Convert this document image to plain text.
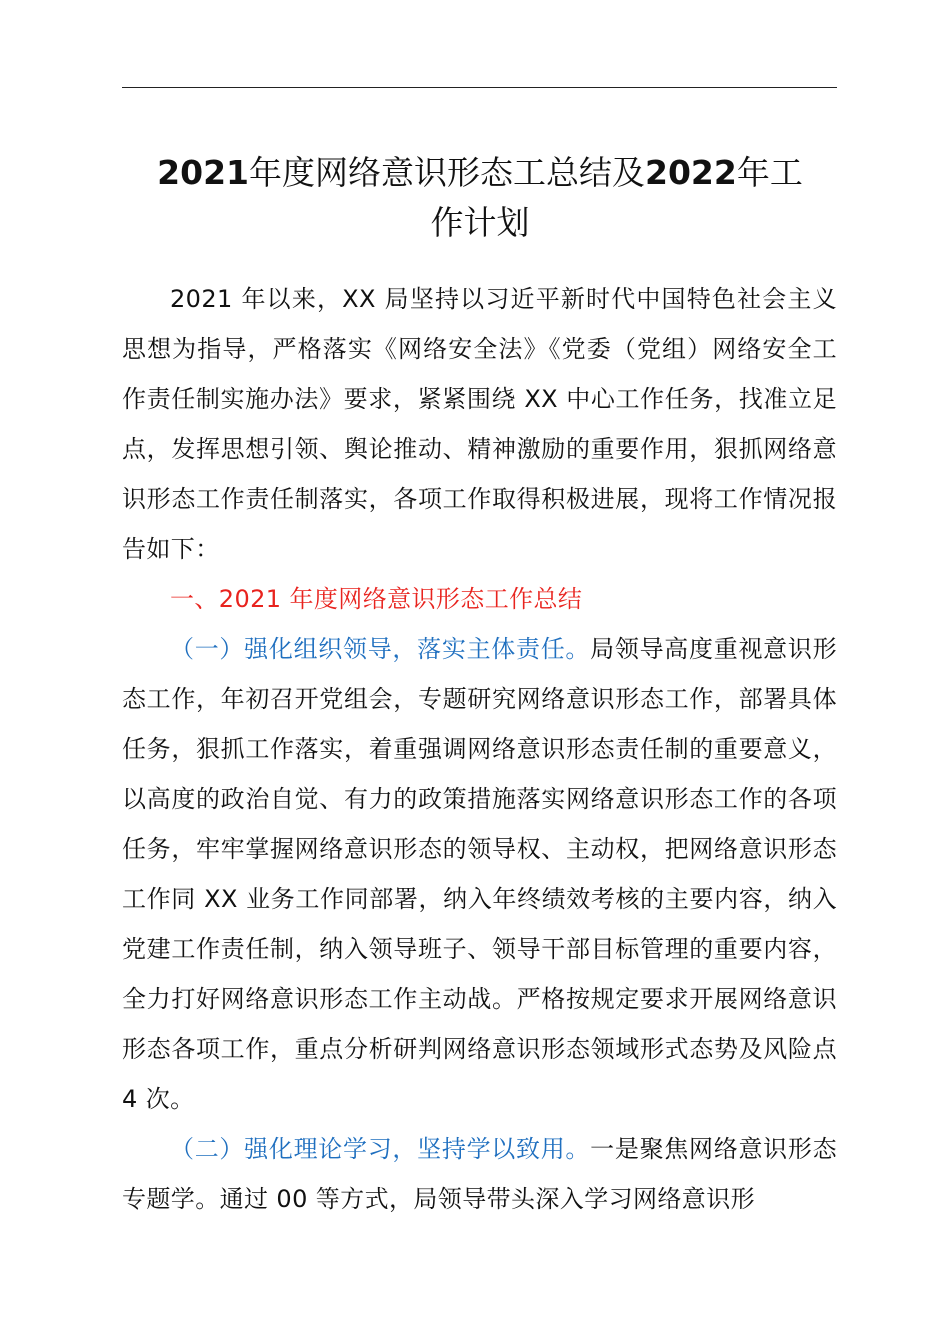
2021年度网络意识形态工总结及2022年工
作计划

2021 年以来，XX 局坚持以习近平新时代中国特色社会主义思想为指导，严格落实《网络安全法》《党委（党组）网络安全工作责任制实施办法》要求，紧紧围绕 XX 中心工作任务，找准立足点，发挥思想引领、舆论推动、精神激励的重要作用，狠抓网络意识形态工作责任制落实，各项工作取得积极进展，现将工作情况报告如下：

一、2021 年度网络意识形态工作总结

（一）强化组织领导，落实主体责任。局领导高度重视意识形态工作，年初召开党组会，专题研究网络意识形态工作，部署具体任务，狠抓工作落实，着重强调网络意识形态责任制的重要意义，以高度的政治自觉、有力的政策措施落实网络意识形态工作的各项任务，牢牢掌握网络意识形态的领导权、主动权，把网络意识形态工作同 XX 业务工作同部署，纳入年终绩效考核的主要内容，纳入党建工作责任制，纳入领导班子、领导干部目标管理的重要内容，全力打好网络意识形态工作主动战。严格按规定要求开展网络意识形态各项工作，重点分析研判网络意识形态领域形式态势及风险点 4 次。

（二）强化理论学习，坚持学以致用。一是聚焦网络意识形态专题学。通过 00 等方式，局领导带头深入学习网络意识形
